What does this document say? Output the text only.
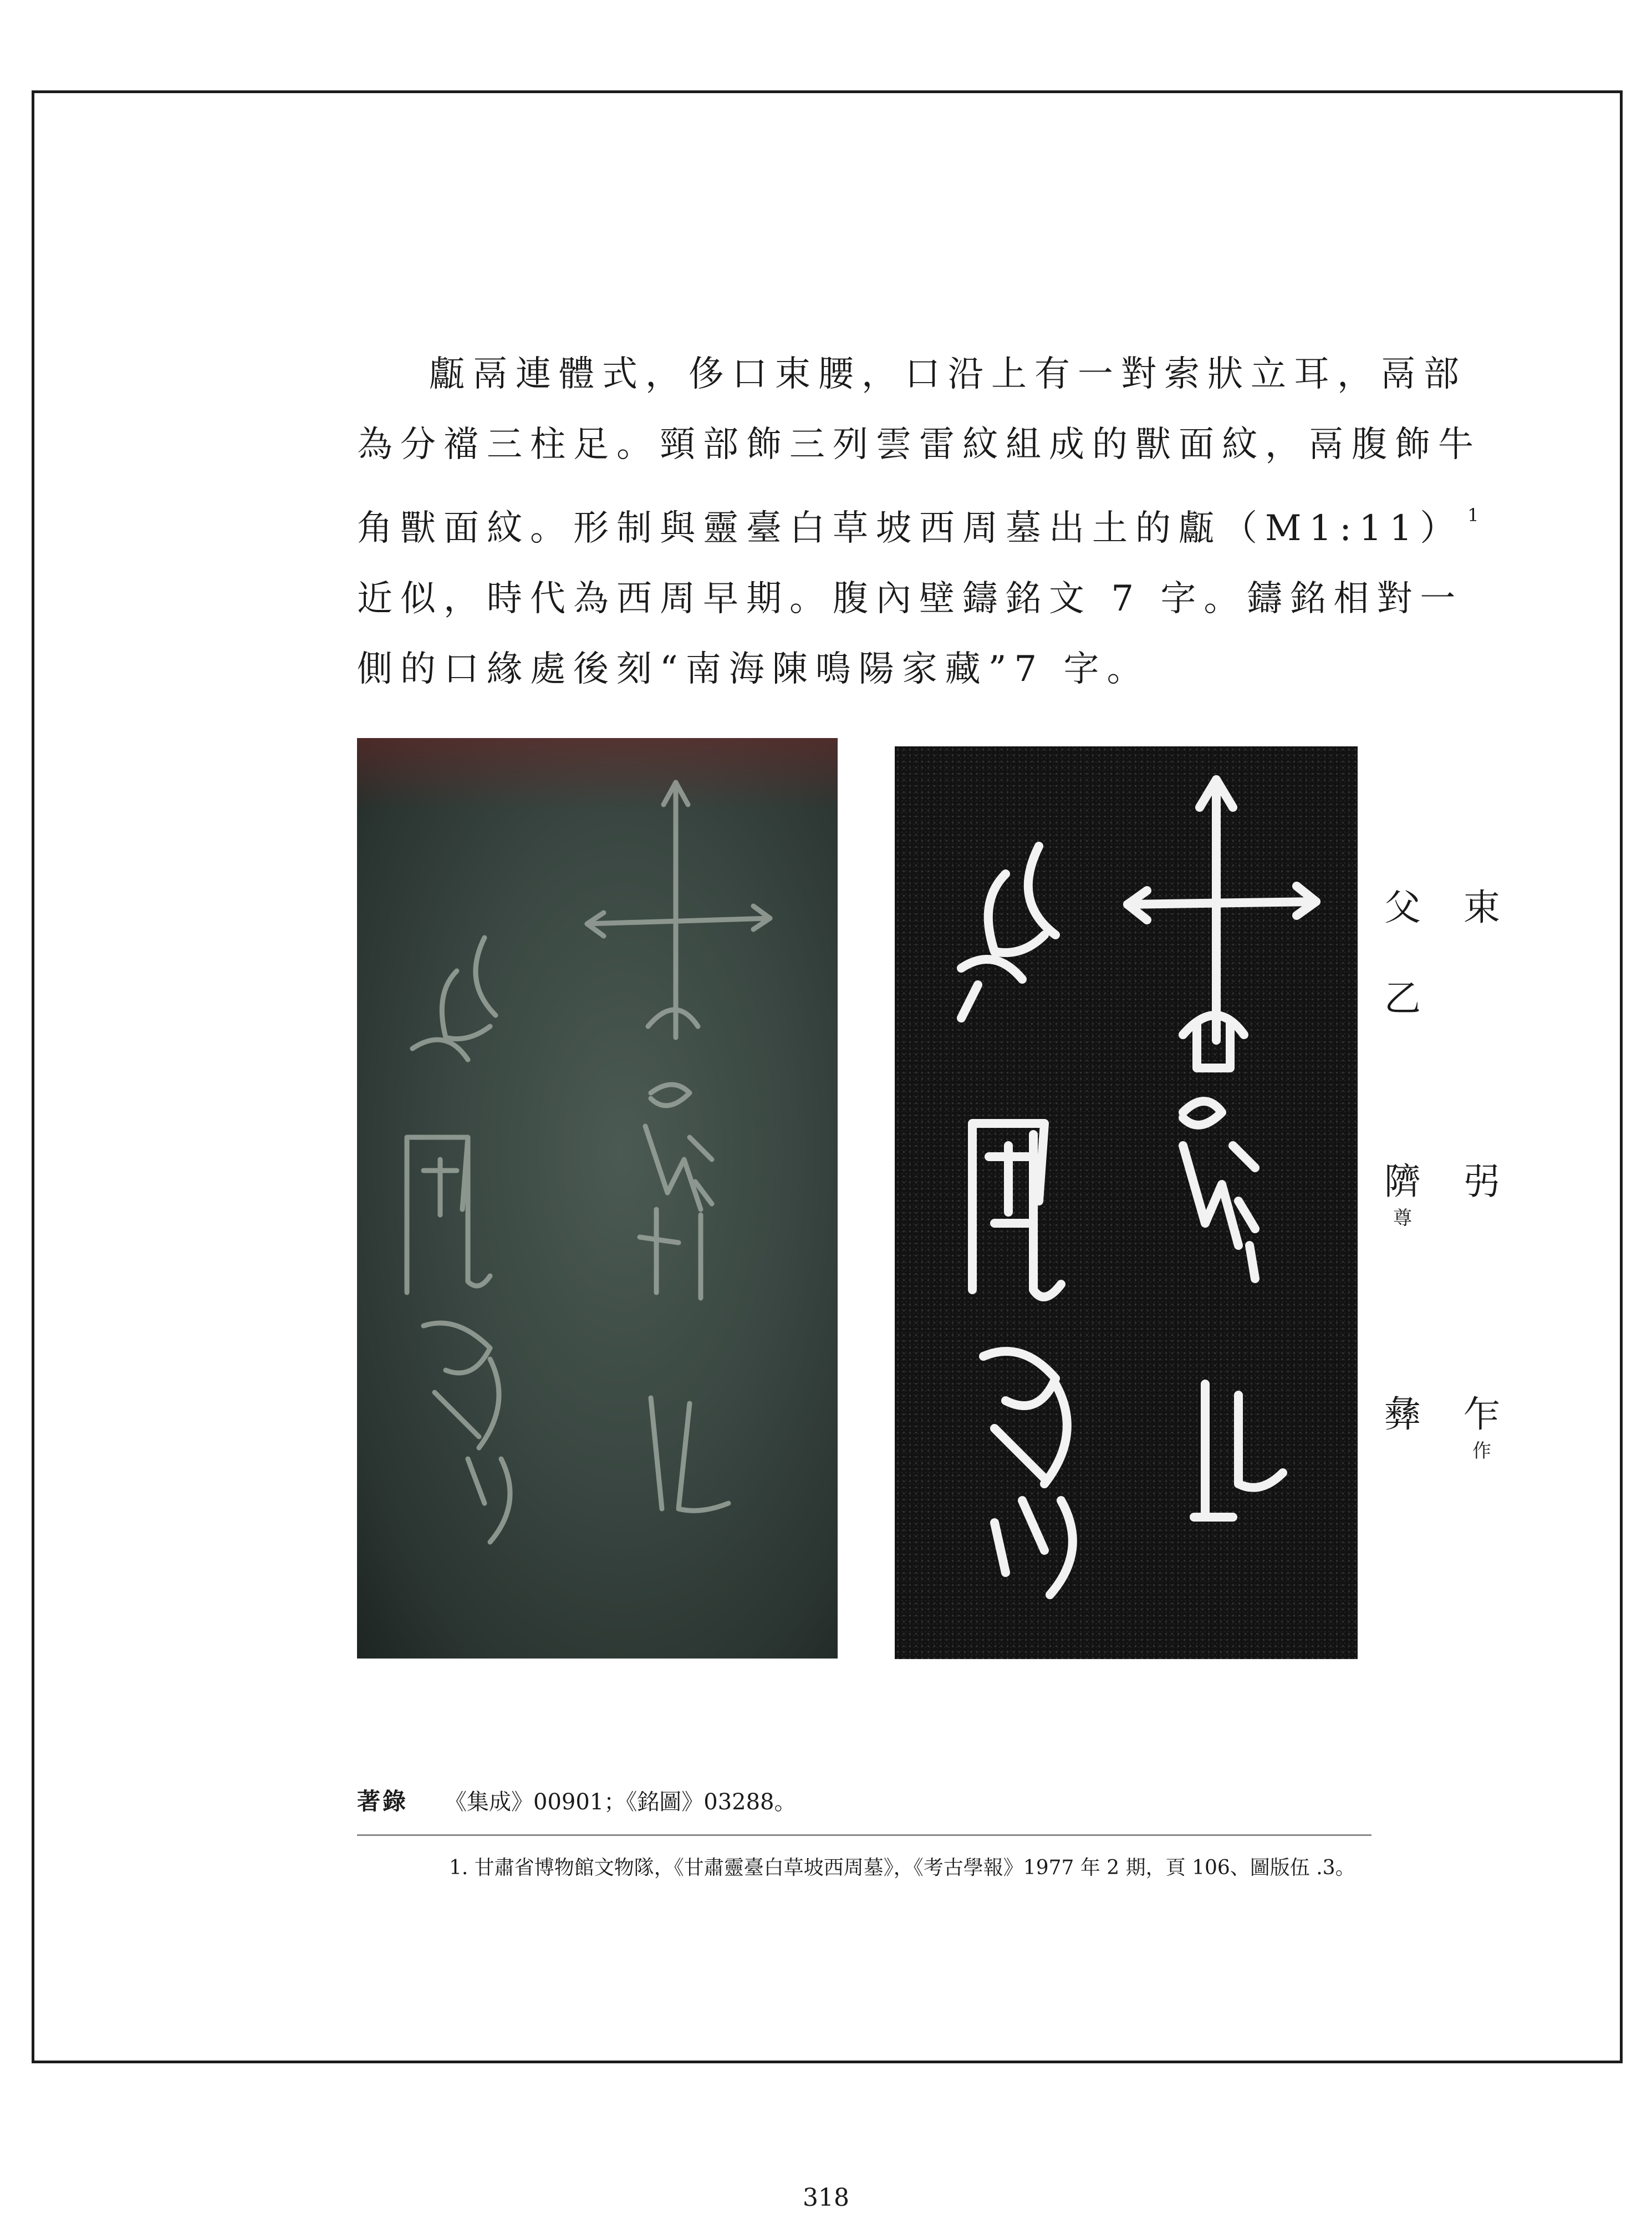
甗鬲連體式，侈口束腰，口沿上有一對索狀立耳，鬲部
為分襠三柱足。頸部飾三列雲雷紋組成的獸面紋，鬲腹飾牛
角獸面紋。形制與靈臺白草坡西周墓出土的甗（M1:11） $^1$
近似，時代為西周早期。腹內壁鑄銘文 7 字。鑄銘相對一
側的口緣處後刻“南海陳鳴陽家藏”7 字。
束
弜
乍
作
父
乙
隮
尊
彝
著錄 《集成》00901；《銘圖》03288。
1. 甘肅省博物館文物隊，《甘肅靈臺白草坡西周墓》，《考古學報》1977 年 2 期，頁 106、圖版伍 .3。
318
